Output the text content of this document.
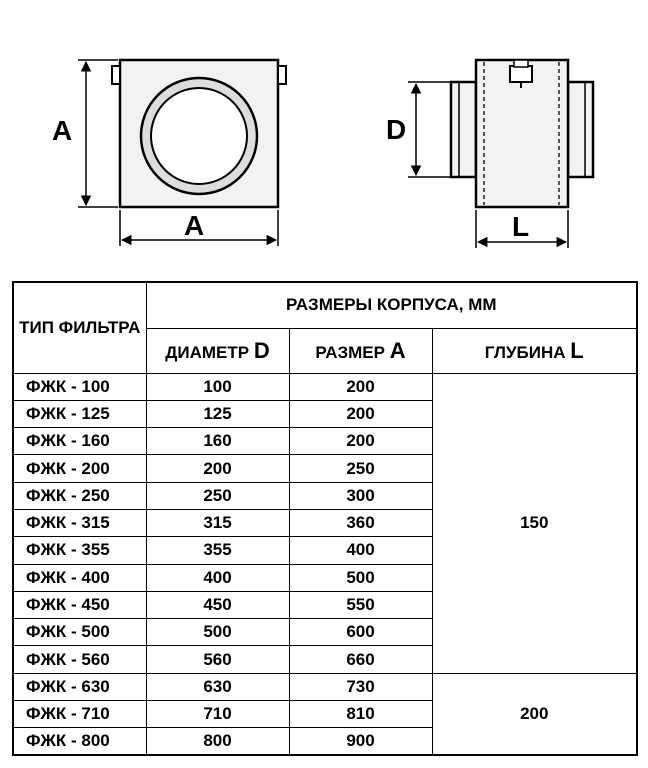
A
A
D
L
ТИП ФИЛЬТРА	РАЗМЕРЫ КОРПУСА, ММ		
	ДИАМЕТР D	РАЗМЕР A	ГЛУБИНА L
ФЖК - 100	100	200	150
ФЖК - 125	125	200	
ФЖК - 160	160	200	
ФЖК - 200	200	250	
ФЖК - 250	250	300	
ФЖК - 315	315	360	
ФЖК - 355	355	400	
ФЖК - 400	400	500	
ФЖК - 450	450	550	
ФЖК - 500	500	600	
ФЖК - 560	560	660	
ФЖК - 630	630	730	200
ФЖК - 710	710	810	
ФЖК - 800	800	900	
